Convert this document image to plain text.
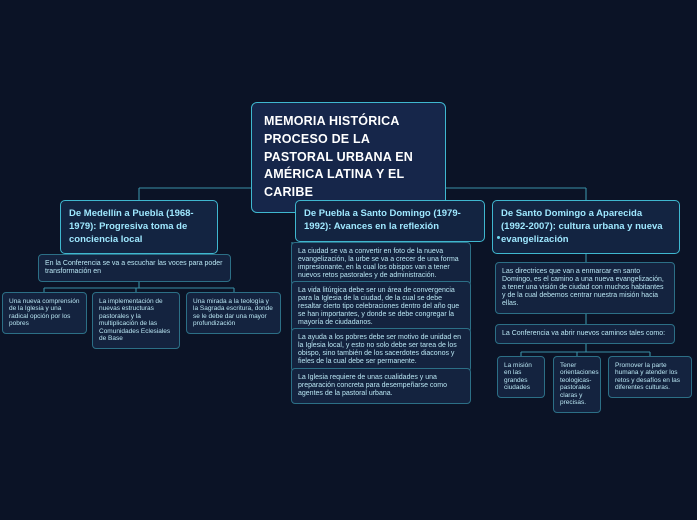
MEMORIA HISTÓRICA PROCESO DE LA PASTORAL URBANA EN AMÉRICA LATINA Y EL CARIBE
De Medellín a Puebla (1968-1979): Progresiva toma de conciencia local
En la Conferencia se va a escuchar las voces para poder transformación en
Una nueva comprensión de la Iglesia y una radical opción por los pobres
La implementación de nuevas estructuras pastorales y la multiplicación de las Comunidades Eclesiales de Base
Una mirada a la teología y la Sagrada escritura, donde se le debe dar una mayor profundización
De Puebla a Santo Domingo (1979-1992): Avances en la reflexión
La ciudad se va a convertir en foto de la nueva evangelización, la urbe se va a crecer de una forma impresionante, en la cual los obispos van a tener nuevos retos pastorales y de administración.
La vida litúrgica debe ser un área de convergencia para la Iglesia de la ciudad, de la cual se debe resaltar cierto tipo celebraciones dentro del año que se han importantes, y donde se debe congregar la mayoría de ciudadanos.
La ayuda a los pobres debe ser motivo de unidad en la Iglesia local, y esto no solo debe ser tarea de los obispo, sino también de los sacerdotes diaconos y fieles de la cual debe ser permanente.
La Iglesia requiere de unas cualidades y una preparación concreta para desempeñarse como agentes de la pastoral urbana.
De Santo Domingo a Aparecida (1992-2007): cultura urbana y nueva evangelización
Las directrices que van a enmarcar en santo Domingo, es el camino a una nueva evangelización, a tener una visión de ciudad con muchos habitantes y de la cual debemos centrar nuestra misión hacia ellas.
La Conferencia va abrir nuevos caminos tales como:
La misión en las grandes ciudades
Tener orientaciones teologicas-pastorales claras y precisas.
Promover la parte humana y atender los retos y desafíos en las diferentes culturas.
